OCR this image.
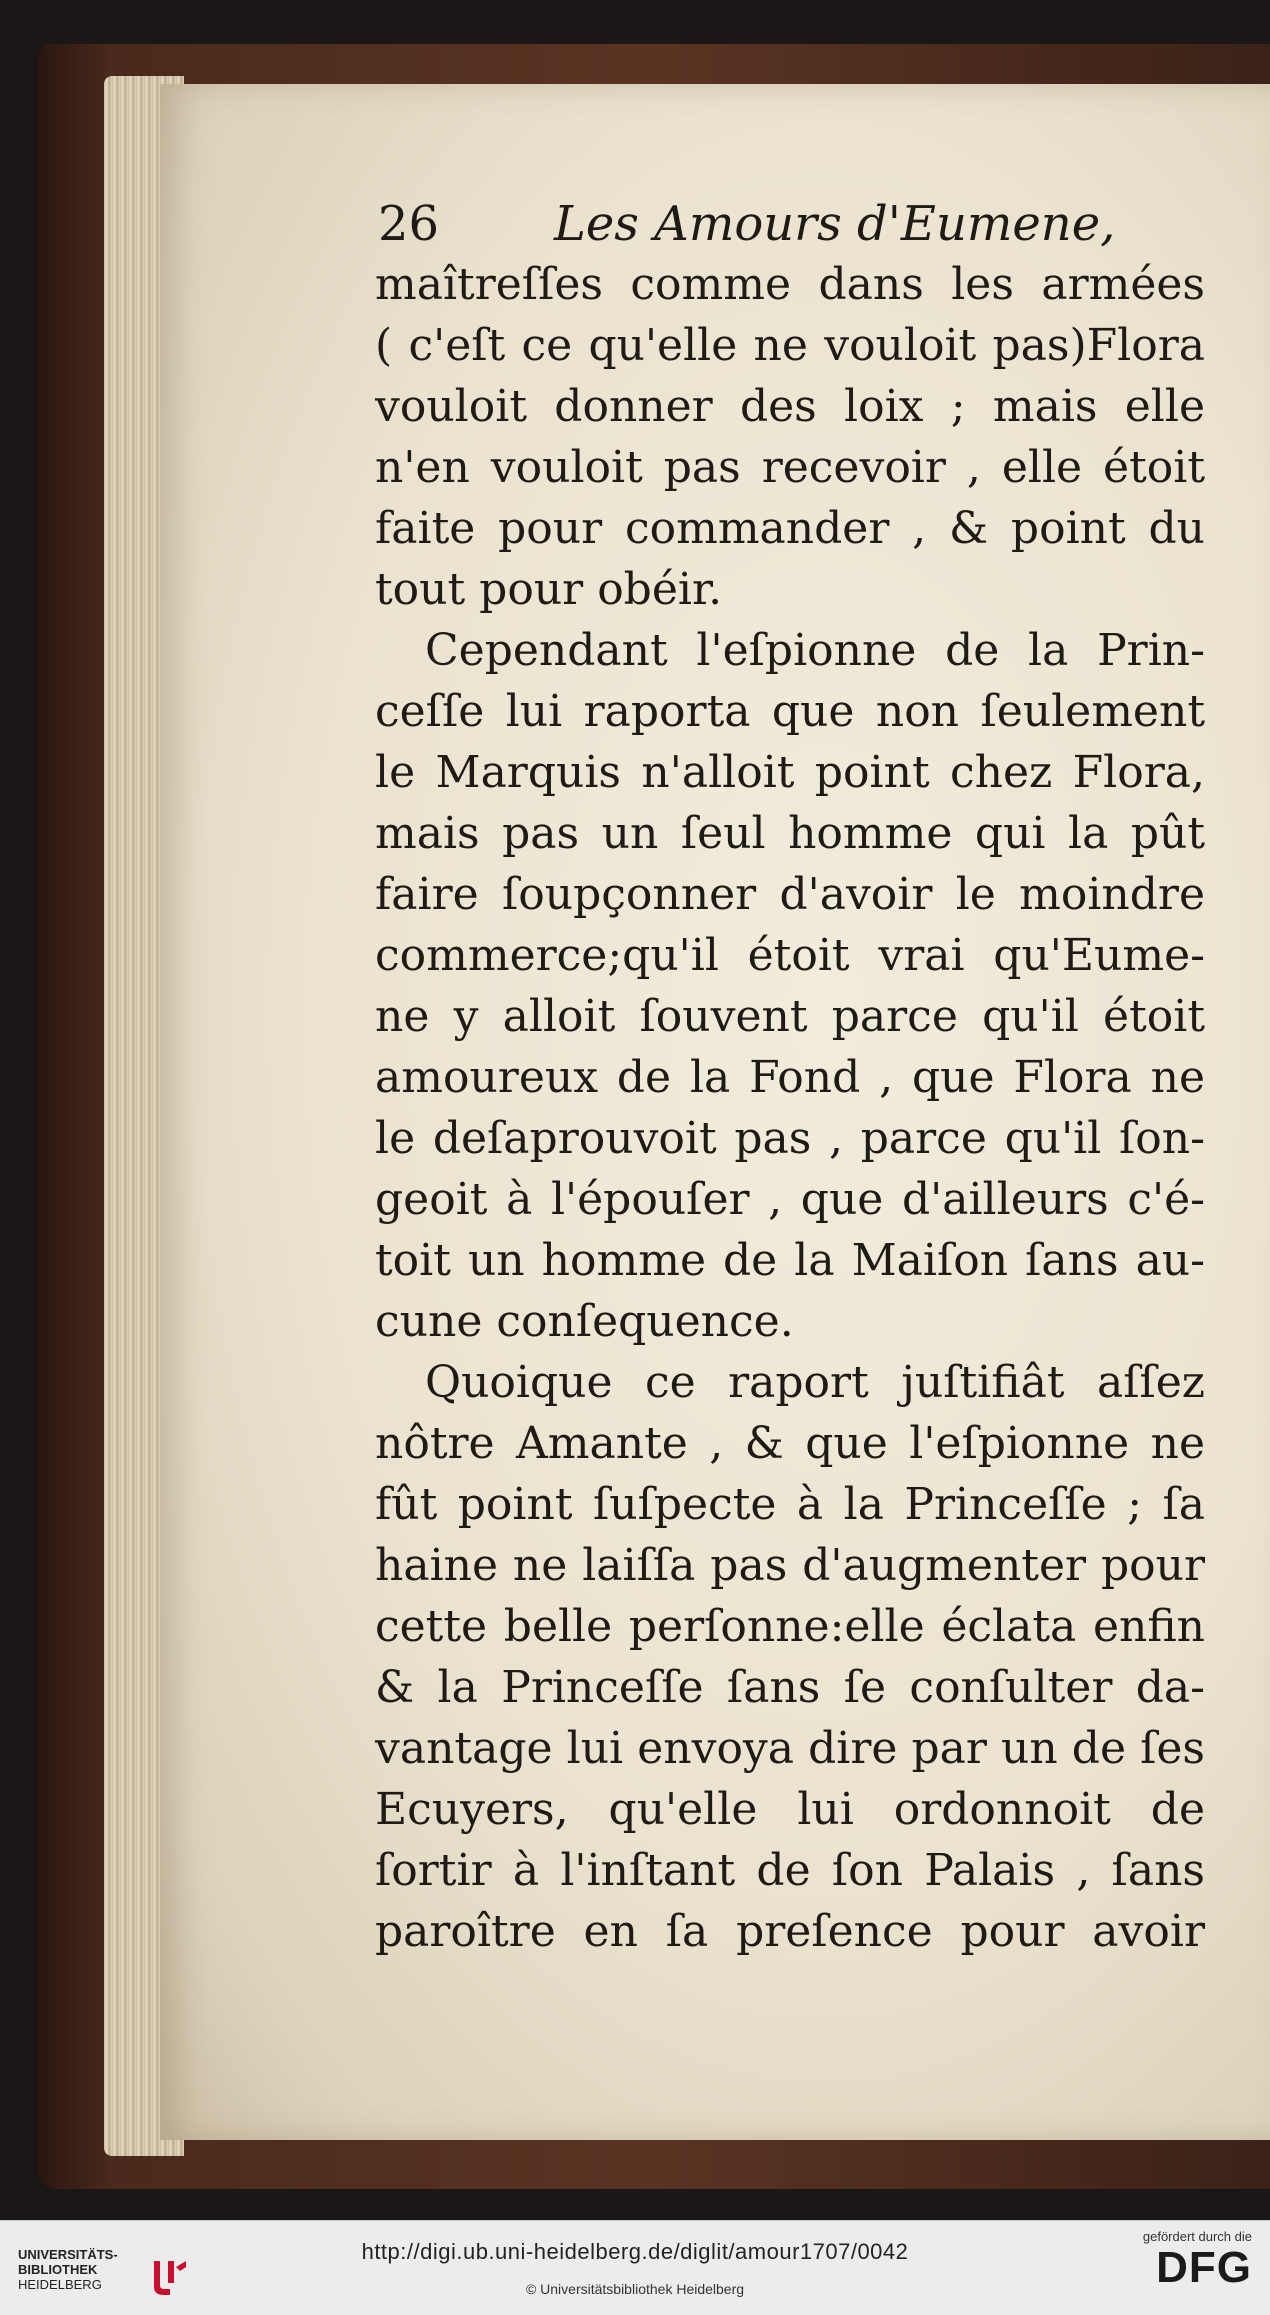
26 Les Amours d'Eumene,
maîtreſſes comme dans les armées
( c'eſt ce qu'elle ne vouloit pas)Flora
vouloit donner des loix ; mais elle
n'en vouloit pas recevoir , elle étoit
faite pour commander , & point du
tout pour obéir.
Cependant l'eſpionne de la Prin-
ceſſe lui raporta que non ſeulement
le Marquis n'alloit point chez Flora,
mais pas un ſeul homme qui la pût
faire ſoupçonner d'avoir le moindre
commerce;qu'il étoit vrai qu'Eume-
ne y alloit ſouvent parce qu'il étoit
amoureux de la Fond , que Flora ne
le deſaprouvoit pas , parce qu'il ſon-
geoit à l'épouſer , que d'ailleurs c'é-
toit un homme de la Maiſon ſans au-
cune conſequence.
Quoique ce raport juſtifiât aſſez
nôtre Amante , & que l'eſpionne ne
fût point ſuſpecte à la Princeſſe ; ſa
haine ne laiſſa pas d'augmenter pour
cette belle perſonne:elle éclata enfin
& la Princeſſe ſans ſe conſulter da-
vantage lui envoya dire par un de ſes
Ecuyers, qu'elle lui ordonnoit de
ſortir à l'inſtant de ſon Palais , ſans
paroître en ſa preſence pour avoir
UNIVERSITÄTS-
BIBLIOTHEK
HEIDELBERG
http://digi.ub.uni-heidelberg.de/diglit/amour1707/0042
© Universitätsbibliothek Heidelberg
gefördert durch die
DFG
